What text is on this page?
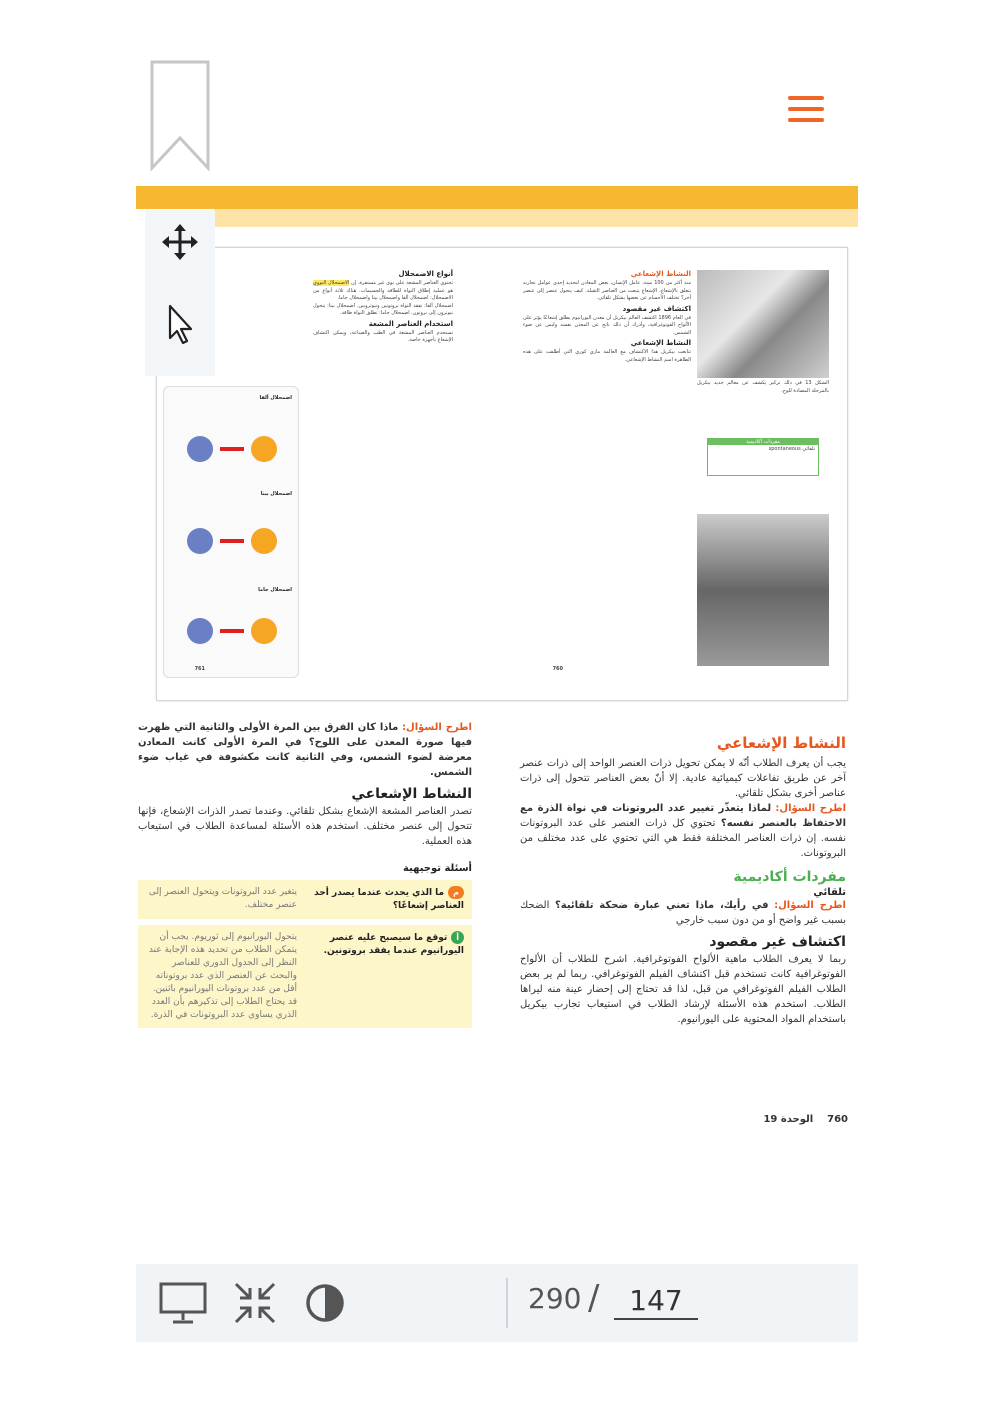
الشكل 13 في ذلك تركيز يكشف عن معالم جديد بيكريل بالمرحلة المضادة للوح.
النشاط الإشعاعي
منذ أكثر من 100 سنة، عامل الإنسان، بعض المعادن لتحديد إحدى عوامل تجاربه يتعلق بالإشعاع. الإشعاع ينبعث من العناصر الثقيلة. كيف يتحول عنصر إلى عنصر آخر؟ تختلف الأجسام عن بعضها بشكل تلقائي.
اكتشاف غير مقصود
في العام 1896 اكتشف العالم بيكريل أن معدن اليورانيوم يطلق إشعاعًا يؤثر على الألواح الفوتوغرافية، وأدرك أن ذلك ناتج عن المعدن نفسه وليس عن ضوء الشمس.
النشاط الإشعاعي
تتابعت بيكريل هذا الاكتشاف مع العالمة ماري كوري التي أطلقت على هذه الظاهرة اسم النشاط الإشعاعي.
مفردات أكاديمية
تلقائي spontaneous
760
اضمحلال ألفا
اضمحلال بيتا
اضمحلال جاما
أنواع الاضمحلال
تحتوي العناصر المشعة على نوى غير مستقرة. إن الاضمحلال النووي هو عملية إطلاق النواة للطاقة والجسيمات. هناك ثلاثة أنواع من الاضمحلال: اضمحلال ألفا واضمحلال بيتا واضمحلال جاما.
اضمحلال ألفا: تفقد النواة بروتونين ونيوترونين. اضمحلال بيتا: يتحول نيوترون إلى بروتون. اضمحلال جاما: تطلق النواة طاقة.
استخدام العناصر المشعة
تستخدم العناصر المشعة في الطب والصناعة، ويمكن اكتشاف الإشعاع بأجهزة خاصة.
761

اطرح السؤال: ماذا كان الفرق بين المرة الأولى والثانية التي ظهرت فيها صورة المعدن على اللوح؟ في المرة الأولى كانت المعادن معرضة لضوء الشمس، وفي الثانية كانت مكشوفة في غياب ضوء الشمس.

النشاط الإشعاعي

تصدر العناصر المشعة الإشعاع بشكل تلقائي. وعندما تصدر الذرات الإشعاع، فإنها تتحول إلى عنصر مختلف. استخدم هذه الأسئلة لمساعدة الطلاب في استيعاب هذه العملية.

أسئلة توجيهية
مما الذي يحدث عندما يصدر أحد العناصر إشعاعًا؟
يتغير عدد البروتونات ويتحول العنصر إلى عنصر مختلف.
أتوقع ما سيصبح عليه عنصر اليورانيوم عندما يفقد بروتونين.
يتحول اليورانيوم إلى ثوريوم. يجب أن يتمكن الطلاب من تحديد هذه الإجابة عند النظر إلى الجدول الدوري للعناصر والبحث عن العنصر الذي عدد بروتوناته أقل من عدد بروتونات اليورانيوم باثنين. قد يحتاج الطلاب إلى تذكيرهم بأن العدد الذري يساوي عدد البروتونات في الذرة.
النشاط الإشعاعي

يجب أن يعرف الطلاب أنّه لا يمكن تحويل ذرات العنصر الواحد إلى ذرات عنصر آخر عن طريق تفاعلات كيميائية عادية. إلا أنّ بعض العناصر تتحول إلى ذرات عناصر أخرى بشكل تلقائي.

اطرح السؤال: لماذا يتعذّر تغيير عدد البروتونات في نواة الذرة مع الاحتفاظ بالعنصر نفسه؟ تحتوي كل ذرات العنصر على عدد البروتونات نفسه. إن ذرات العناصر المختلفة فقط هي التي تحتوي على عدد مختلف من البروتونات.

مفردات أكاديمية
تلقائي

اطرح السؤال: في رأيك، ماذا تعني عبارة ضحكة تلقائية؟ الضحك بسبب غير واضح أو من دون سبب خارجي

اكتشاف غير مقصود

ربما لا يعرف الطلاب ماهية الألواح الفوتوغرافية. اشرح للطلاب أن الألواح الفوتوغرافية كانت تستخدم قبل اكتشاف الفيلم الفوتوغرافي. ربما لم ير بعض الطلاب الفيلم الفوتوغرافي من قبل، لذا قد تحتاج إلى إحضار عينة منه ليراها الطلاب. استخدم هذه الأسئلة لإرشاد الطلاب في استيعاب تجارب بيكريل باستخدام المواد المحتوية على اليورانيوم.

760    الوحدة 19
290 /
147
